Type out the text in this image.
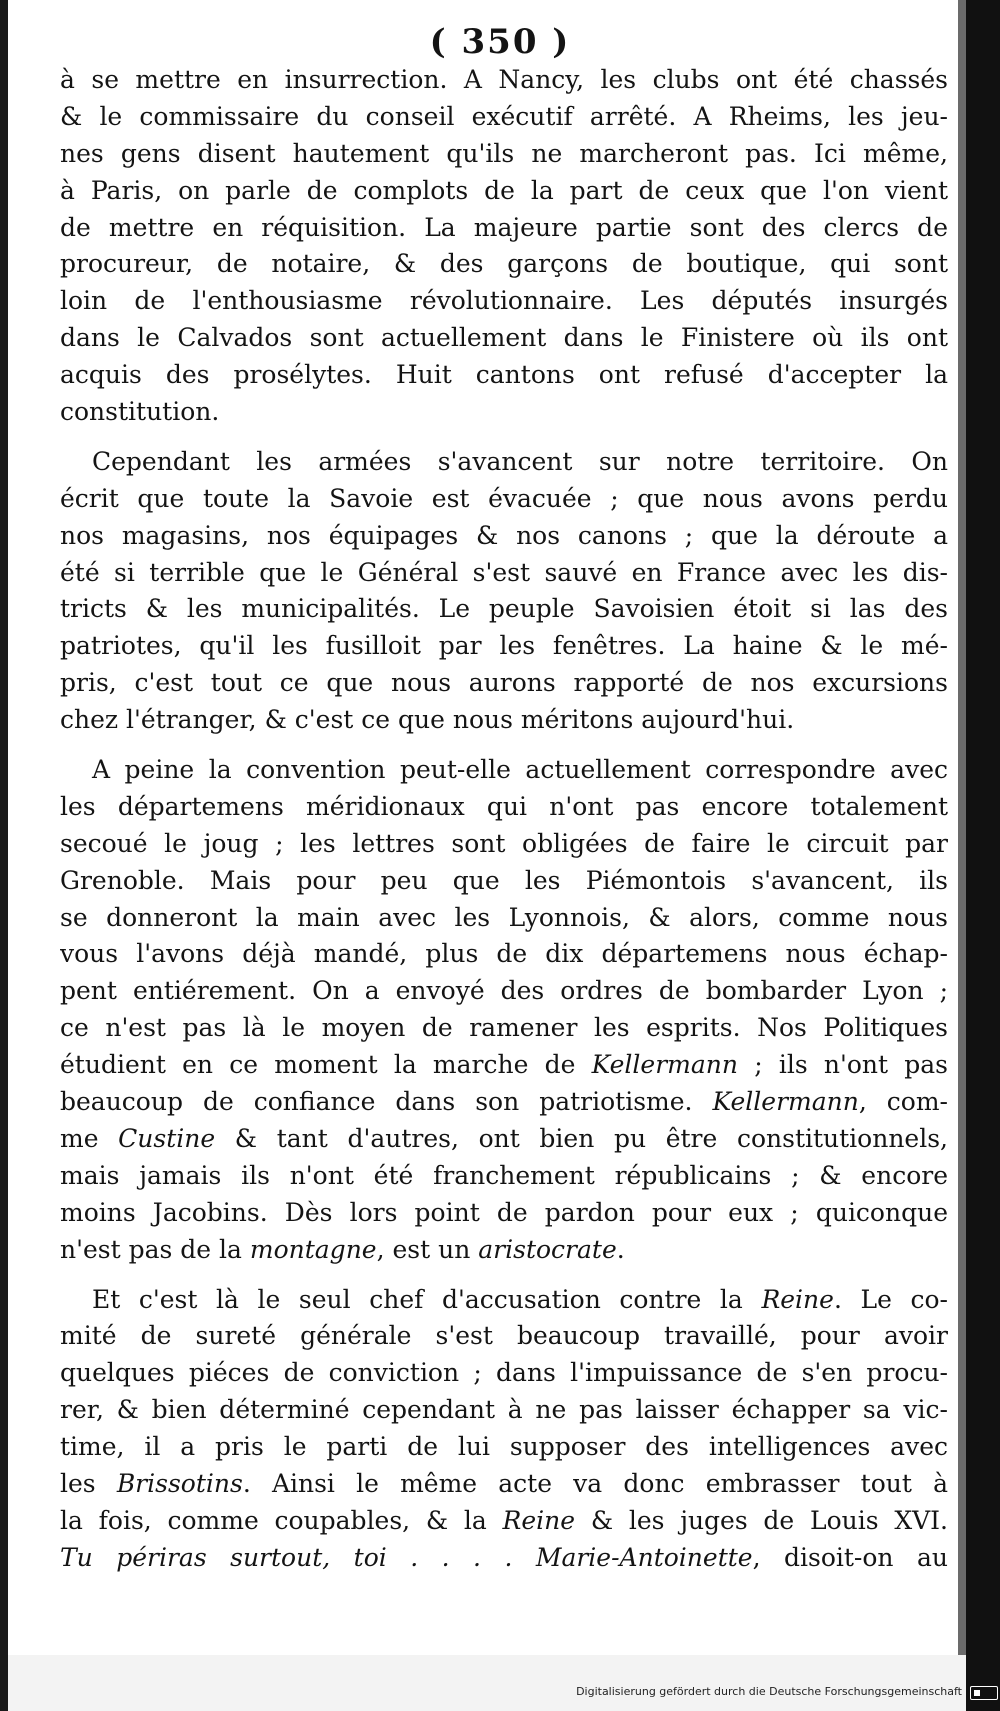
( 350 )
à se mettre en insurrection. A Nancy, les clubs ont été chassés
& le commissaire du conseil exécutif arrêté. A Rheims, les jeu-
nes gens disent hautement qu'ils ne marcheront pas. Ici même,
à Paris, on parle de complots de la part de ceux que l'on vient
de mettre en réquisition. La majeure partie sont des clercs de
procureur, de notaire, & des garçons de boutique, qui sont
loin de l'enthousiasme révolutionnaire. Les députés insurgés
dans le Calvados sont actuellement dans le Finistere où ils ont
acquis des prosélytes. Huit cantons ont refusé d'accepter la
constitution.
Cependant les armées s'avancent sur notre territoire. On
écrit que toute la Savoie est évacuée ; que nous avons perdu
nos magasins, nos équipages & nos canons ; que la déroute a
été si terrible que le Général s'est sauvé en France avec les dis-
tricts & les municipalités. Le peuple Savoisien étoit si las des
patriotes, qu'il les fusilloit par les fenêtres. La haine & le mé-
pris, c'est tout ce que nous aurons rapporté de nos excursions
chez l'étranger, & c'est ce que nous méritons aujourd'hui.
A peine la convention peut-elle actuellement correspondre avec
les départemens méridionaux qui n'ont pas encore totalement
secoué le joug ; les lettres sont obligées de faire le circuit par
Grenoble. Mais pour peu que les Piémontois s'avancent, ils
se donneront la main avec les Lyonnois, & alors, comme nous
vous l'avons déjà mandé, plus de dix départemens nous échap-
pent entiérement. On a envoyé des ordres de bombarder Lyon ;
ce n'est pas là le moyen de ramener les esprits. Nos Politiques
étudient en ce moment la marche de Kellermann ; ils n'ont pas
beaucoup de confiance dans son patriotisme. Kellermann, com-
me Custine & tant d'autres, ont bien pu être constitutionnels,
mais jamais ils n'ont été franchement républicains ; & encore
moins Jacobins. Dès lors point de pardon pour eux ; quiconque
n'est pas de la montagne, est un aristocrate.
Et c'est là le seul chef d'accusation contre la Reine. Le co-
mité de sureté générale s'est beaucoup travaillé, pour avoir
quelques piéces de conviction ; dans l'impuissance de s'en procu-
rer, & bien déterminé cependant à ne pas laisser échapper sa vic-
time, il a pris le parti de lui supposer des intelligences avec
les Brissotins. Ainsi le même acte va donc embrasser tout à
la fois, comme coupables, & la Reine & les juges de Louis XVI.
Tu périras surtout, toi . . . . Marie-Antoinette, disoit-on au
Digitalisierung gefördert durch die Deutsche Forschungsgemeinschaft
